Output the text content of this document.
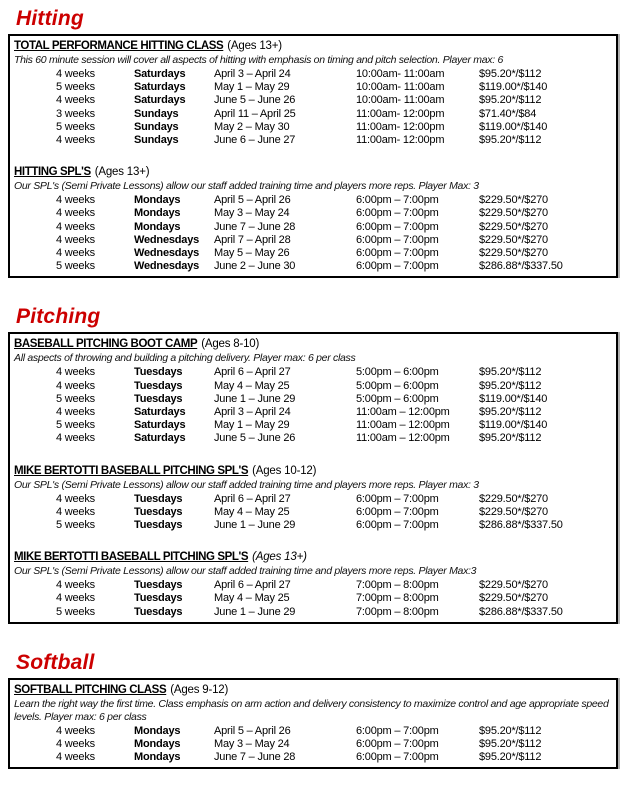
Hitting
TOTAL PERFORMANCE HITTING CLASS (Ages 13+)
This 60 minute session will cover all aspects of hitting with emphasis on timing and pitch selection. Player max: 6
4 weeks	Saturdays	April 3 – April 24	10:00am- 11:00am	$95.20*/$112
5 weeks	Saturdays	May 1 – May 29	10:00am- 11:00am	$119.00*/$140
4 weeks	Saturdays	June 5 – June 26	10:00am- 11:00am	$95.20*/$112
3 weeks	Sundays	April 11 – April 25	11:00am- 12:00pm	$71.40*/$84
5 weeks	Sundays	May 2 – May 30	11:00am- 12:00pm	$119.00*/$140
4 weeks	Sundays	June 6 – June 27	11:00am- 12:00pm	$95.20*/$112
HITTING SPL'S (Ages 13+)
Our SPL's (Semi Private Lessons) allow our staff added training time and players more reps. Player Max: 3
4 weeks	Mondays	April 5 – April 26	6:00pm – 7:00pm	$229.50*/$270
4 weeks	Mondays	May 3 – May 24	6:00pm – 7:00pm	$229.50*/$270
4 weeks	Mondays	June 7 – June 28	6:00pm – 7:00pm	$229.50*/$270
4 weeks	Wednesdays	April 7 – April 28	6:00pm – 7:00pm	$229.50*/$270
4 weeks	Wednesdays	May 5 – May 26	6:00pm – 7:00pm	$229.50*/$270
5 weeks	Wednesdays	June 2 – June 30	6:00pm – 7:00pm	$286.88*/$337.50
Pitching
BASEBALL PITCHING BOOT CAMP (Ages 8-10)
All aspects of throwing and building a pitching delivery. Player max: 6 per class
4 weeks	Tuesdays	April 6 – April 27	5:00pm – 6:00pm	$95.20*/$112
4 weeks	Tuesdays	May 4 – May 25	5:00pm – 6:00pm	$95.20*/$112
5 weeks	Tuesdays	June 1 – June 29	5:00pm – 6:00pm	$119.00*/$140
4 weeks	Saturdays	April 3 – April 24	11:00am – 12:00pm	$95.20*/$112
5 weeks	Saturdays	May 1 – May 29	11:00am – 12:00pm	$119.00*/$140
4 weeks	Saturdays	June 5 – June 26	11:00am – 12:00pm	$95.20*/$112
MIKE BERTOTTI BASEBALL PITCHING SPL'S (Ages 10-12)
Our SPL's (Semi Private Lessons) allow our staff added training time and players more reps. Player max: 3
4 weeks	Tuesdays	April 6 – April 27	6:00pm – 7:00pm	$229.50*/$270
4 weeks	Tuesdays	May 4 – May 25	6:00pm – 7:00pm	$229.50*/$270
5 weeks	Tuesdays	June 1 – June 29	6:00pm – 7:00pm	$286.88*/$337.50
MIKE BERTOTTI BASEBALL PITCHING SPL'S (Ages 13+)
Our SPL's (Semi Private Lessons) allow our staff added training time and players more reps. Player Max:3
4 weeks	Tuesdays	April 6 – April 27	7:00pm – 8:00pm	$229.50*/$270
4 weeks	Tuesdays	May 4 – May 25	7:00pm – 8:00pm	$229.50*/$270
5 weeks	Tuesdays	June 1 – June 29	7:00pm – 8:00pm	$286.88*/$337.50
Softball
SOFTBALL PITCHING CLASS (Ages 9-12)
Learn the right way the first time. Class emphasis on arm action and delivery consistency to maximize control and age appropriate speed levels. Player max: 6 per class
4 weeks	Mondays	April 5 – April 26	6:00pm – 7:00pm	$95.20*/$112
4 weeks	Mondays	May 3 – May 24	6:00pm – 7:00pm	$95.20*/$112
4 weeks	Mondays	June 7 – June 28	6:00pm – 7:00pm	$95.20*/$112
